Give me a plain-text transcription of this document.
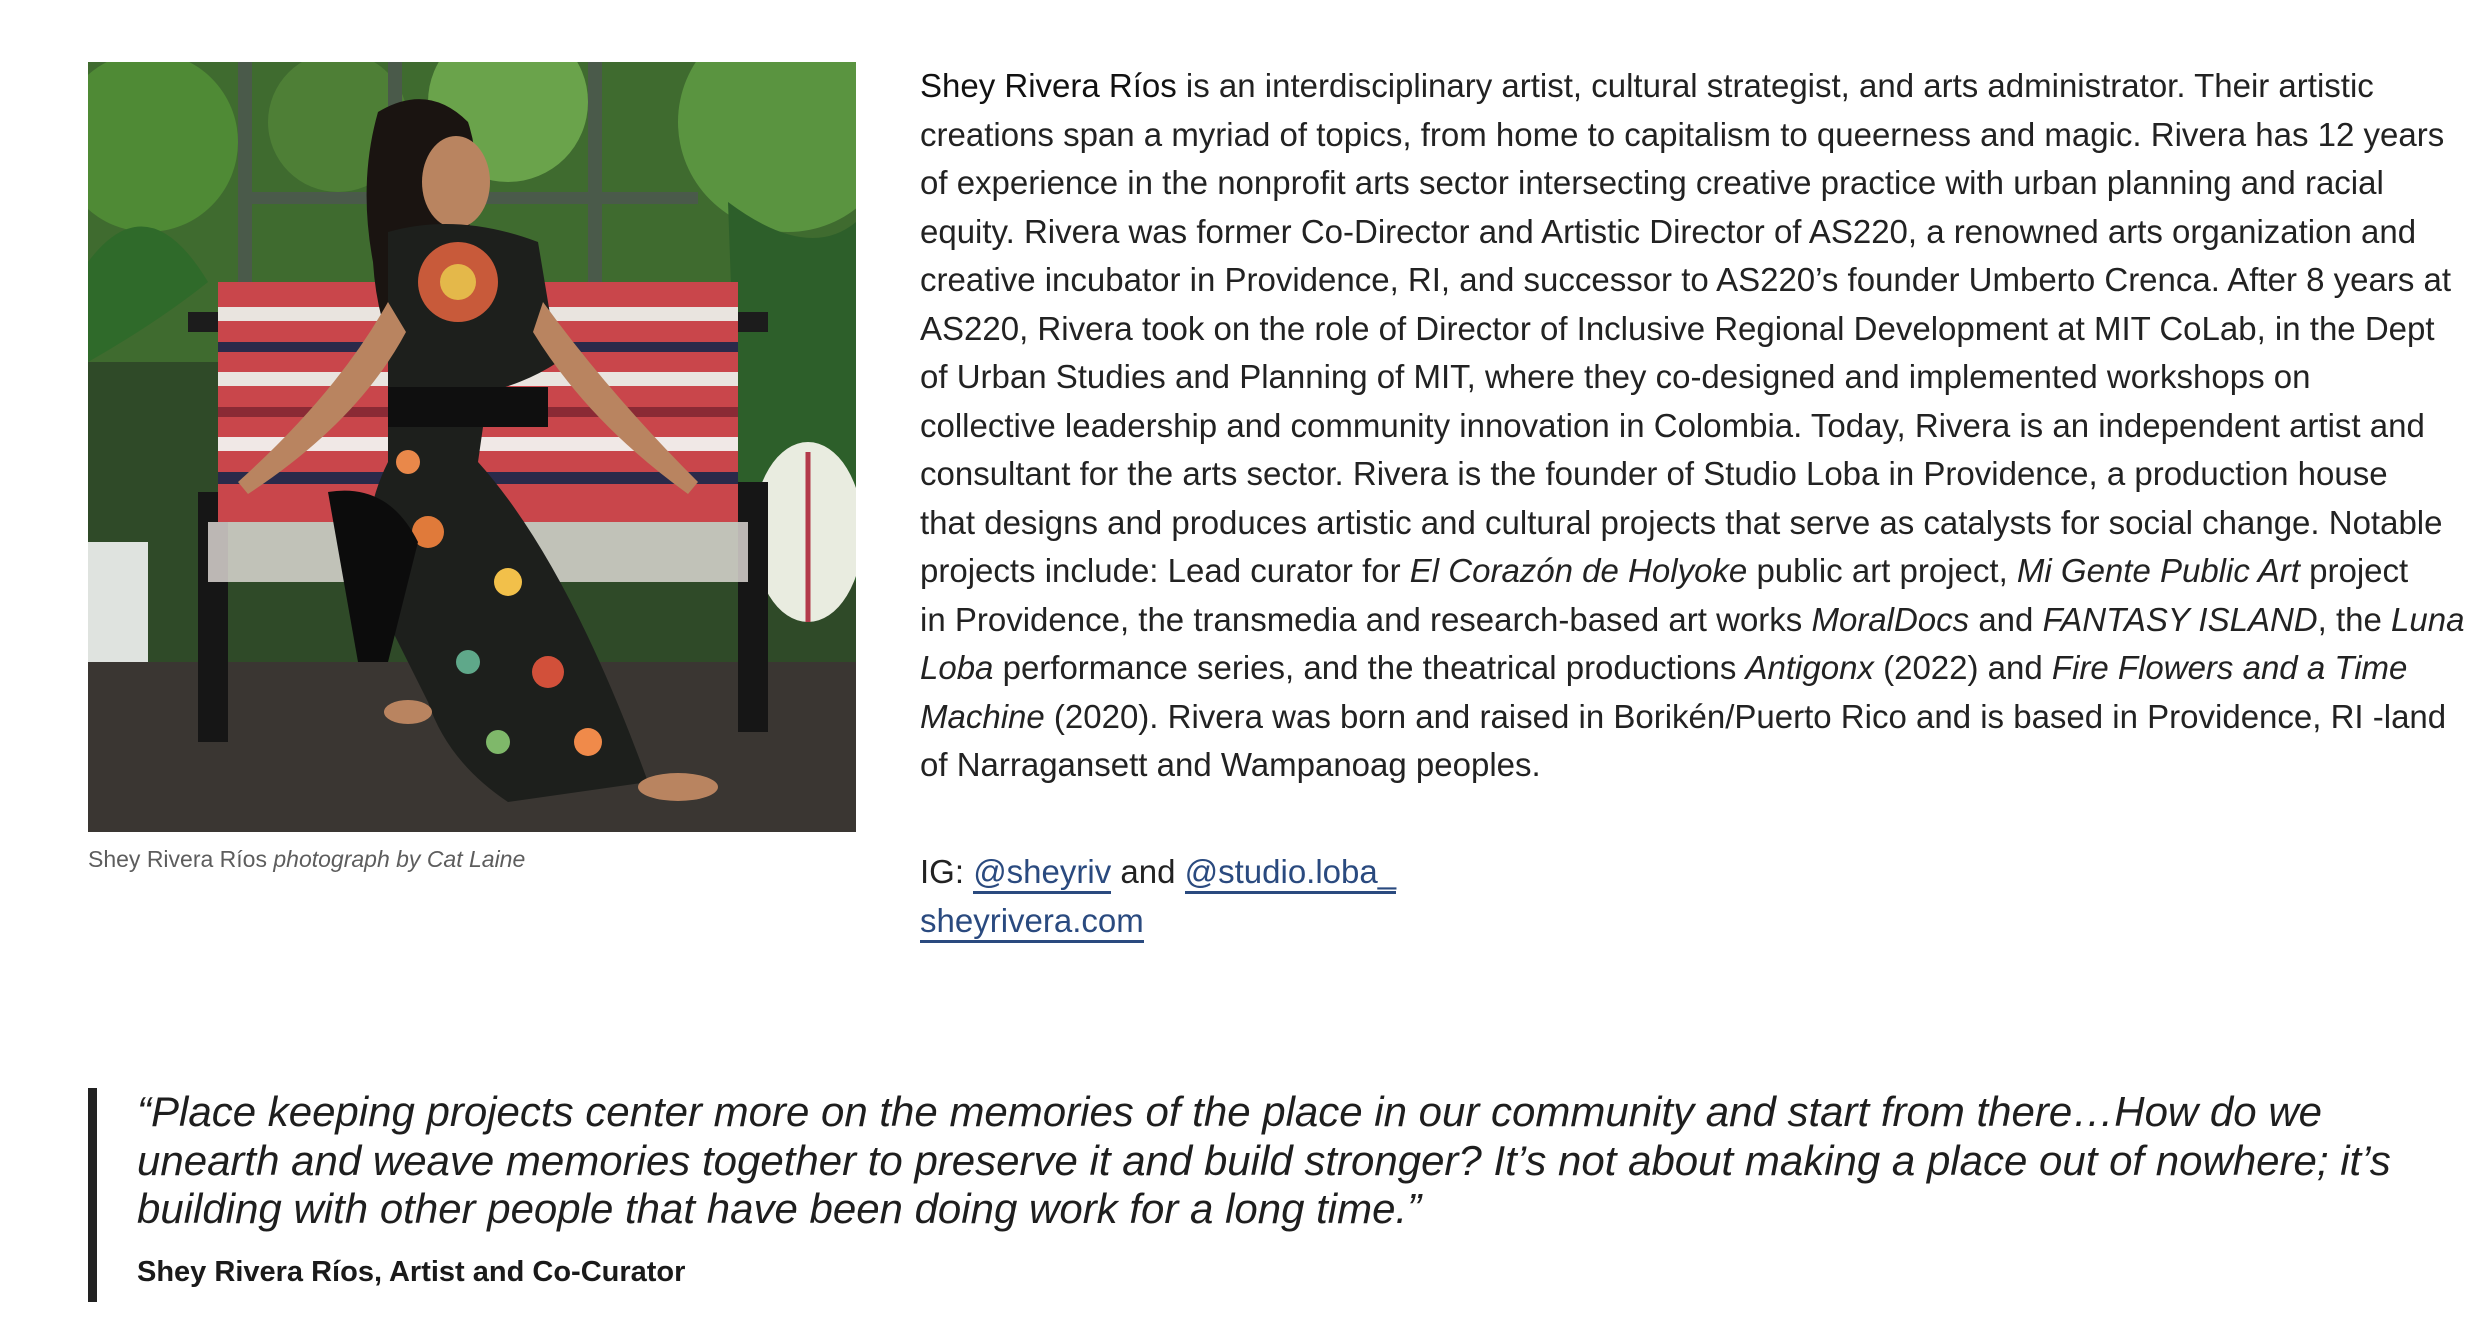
Shey Rivera Ríos photograph by Cat Laine
Shey Rivera Ríos is an interdisciplinary artist, cultural strategist, and arts administrator. Their artistic
creations span a myriad of topics, from home to capitalism to queerness and magic. Rivera has 12 years
of experience in the nonprofit arts sector intersecting creative practice with urban planning and racial
equity. Rivera was former Co-Director and Artistic Director of AS220, a renowned arts organization and
creative incubator in Providence, RI, and successor to AS220’s founder Umberto Crenca. After 8 years at
AS220, Rivera took on the role of Director of Inclusive Regional Development at MIT CoLab, in the Dept
of Urban Studies and Planning of MIT, where they co-designed and implemented workshops on
collective leadership and community innovation in Colombia. Today, Rivera is an independent artist and
consultant for the arts sector. Rivera is the founder of Studio Loba in Providence, a production house
that designs and produces artistic and cultural projects that serve as catalysts for social change. Notable
projects include: Lead curator for El Corazón de Holyoke public art project, Mi Gente Public Art project
in Providence, the transmedia and research-based art works MoralDocs and FANTASY ISLAND, the Luna
Loba performance series, and the theatrical productions Antigonx (2022) and Fire Flowers and a Time
Machine (2020). Rivera was born and raised in Borikén/Puerto Rico and is based in Providence, RI -land
of Narragansett and Wampanoag peoples.
IG: @sheyriv and @studio.loba_
sheyrivera.com
“Place keeping projects center more on the memories of the place in our community and start from there…How do we
unearth and weave memories together to preserve it and build stronger? It’s not about making a place out of nowhere; it’s
building with other people that have been doing work for a long time.”
Shey Rivera Ríos, Artist and Co-Curator
